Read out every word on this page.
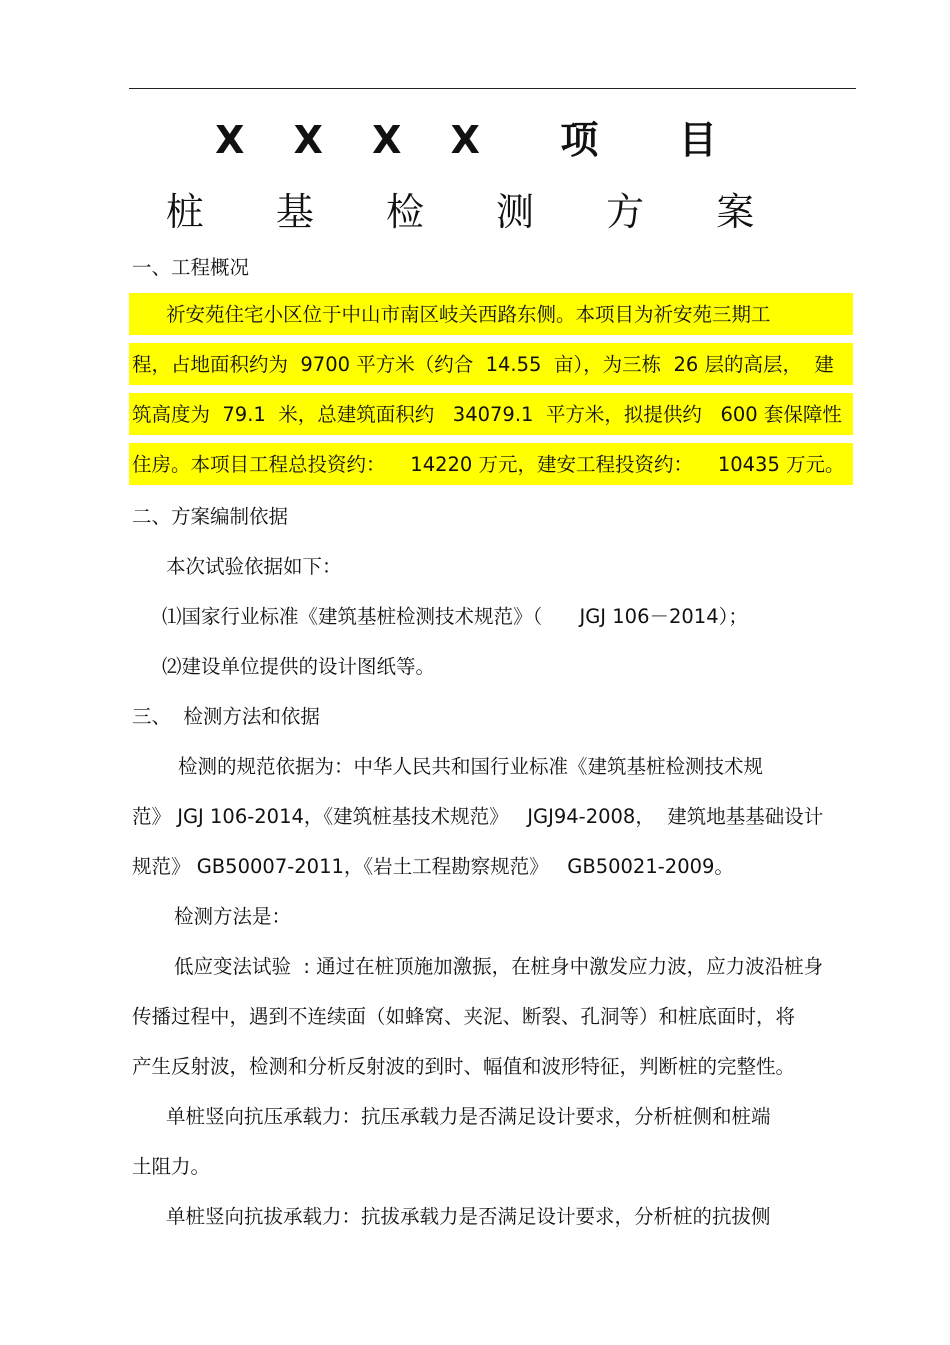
X X X X  项  目
桩 基 检 测 方 案
一、工程概况
祈安苑住宅小区位于中山市南区岐关西路东侧。本项目为祈安苑三期工
程，占地面积约为  9700 平方米（约合  14.55  亩），为三栋  26 层的高层，  建
筑高度为  79.1  米，总建筑面积约   34079.1  平方米，拟提供约   600 套保障性
住房。本项目工程总投资约：    14220 万元，建安工程投资约：    10435 万元。
二、方案编制依据
本次试验依据如下：
⑴国家行业标准《建筑基桩检测技术规范》（      JGJ 106－2014）；
⑵建设单位提供的设计图纸等。
三、  检测方法和依据
检测的规范依据为：中华人民共和国行业标准《建筑基桩检测技术规
范》 JGJ 106-2014，《建筑桩基技术规范》   JGJ94-2008，  建筑地基基础设计
规范》 GB50007-2011，《岩土工程勘察规范》   GB50021-2009。
检测方法是：
低应变法试验  : 通过在桩顶施加激振，在桩身中激发应力波，应力波沿桩身
传播过程中，遇到不连续面（如蜂窝、夹泥、断裂、孔洞等）和桩底面时，将
产生反射波，检测和分析反射波的到时、幅值和波形特征，判断桩的完整性。
单桩竖向抗压承载力：抗压承载力是否满足设计要求，分析桩侧和桩端
土阻力。
单桩竖向抗拔承载力：抗拔承载力是否满足设计要求，分析桩的抗拔侧
